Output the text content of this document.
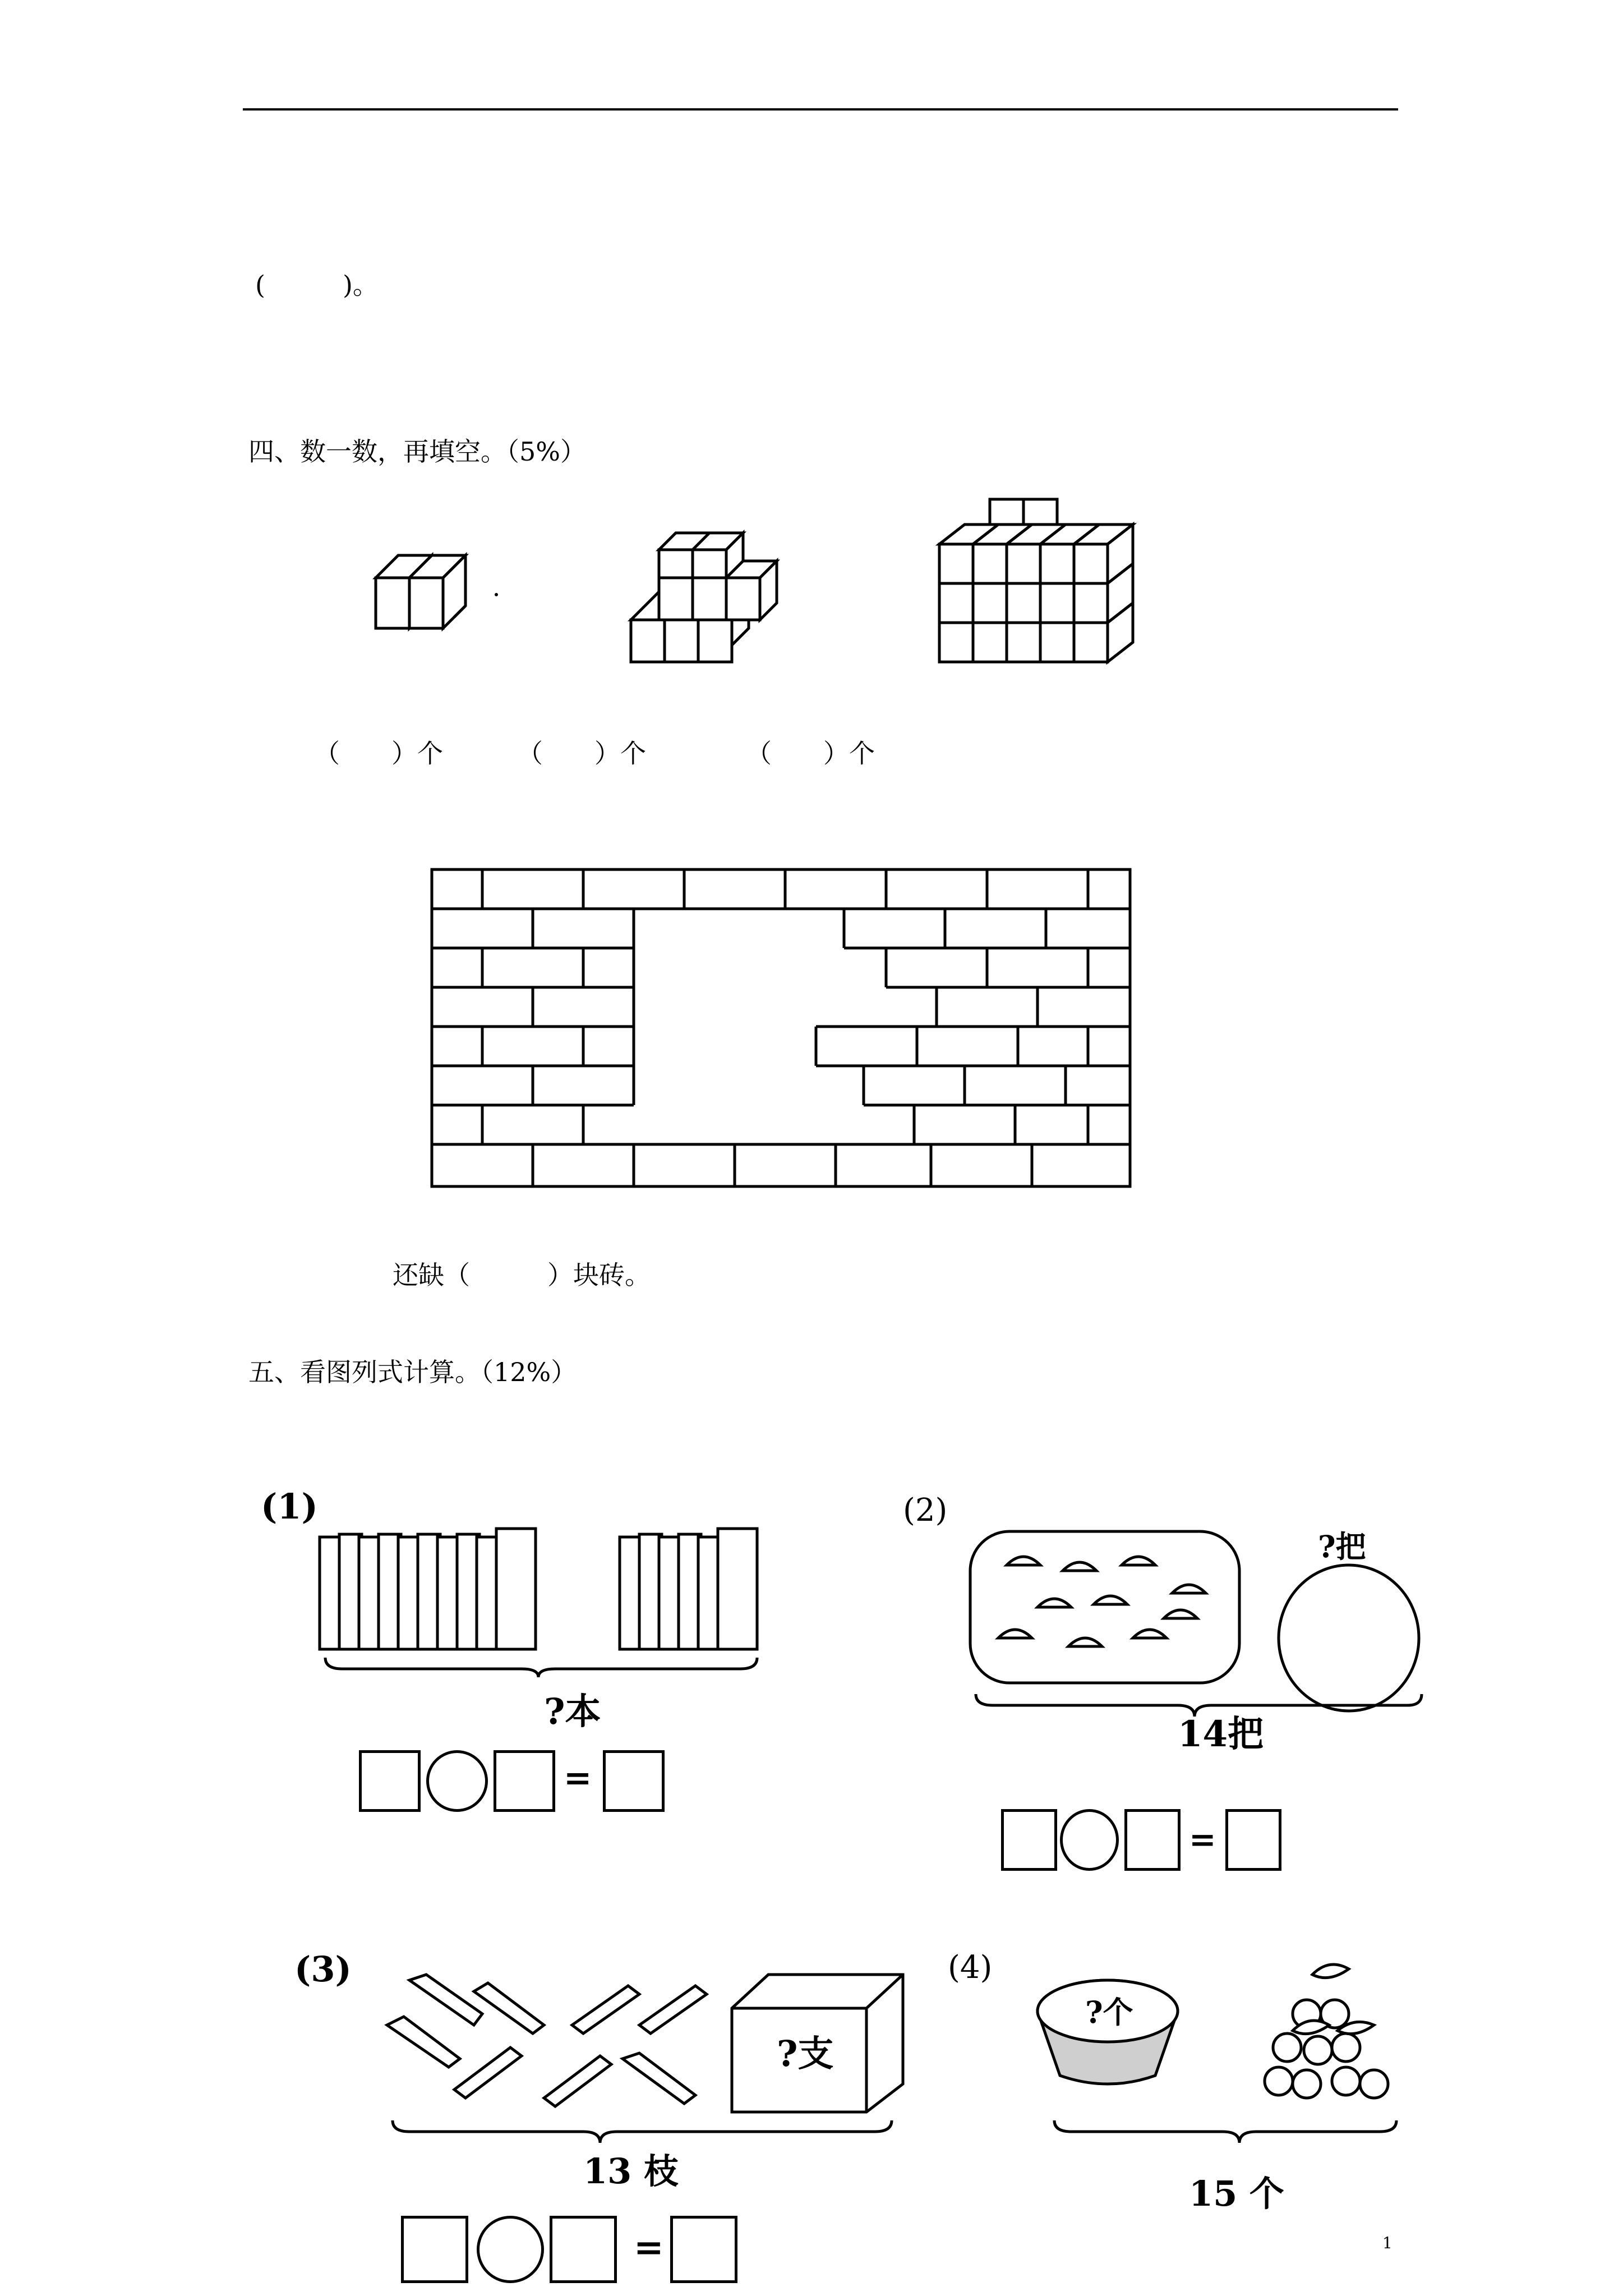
(　　　)。
四、数一数，再填空。（5%）
（　　）个	（　　）个	（　　）个
还缺（　　　）块砖。
五、看图列式计算。（12%）
(1)
?本
=
(2)
?把
14把
=
(3)
?支
13 枝
=
(4)
?个
15 个
1
